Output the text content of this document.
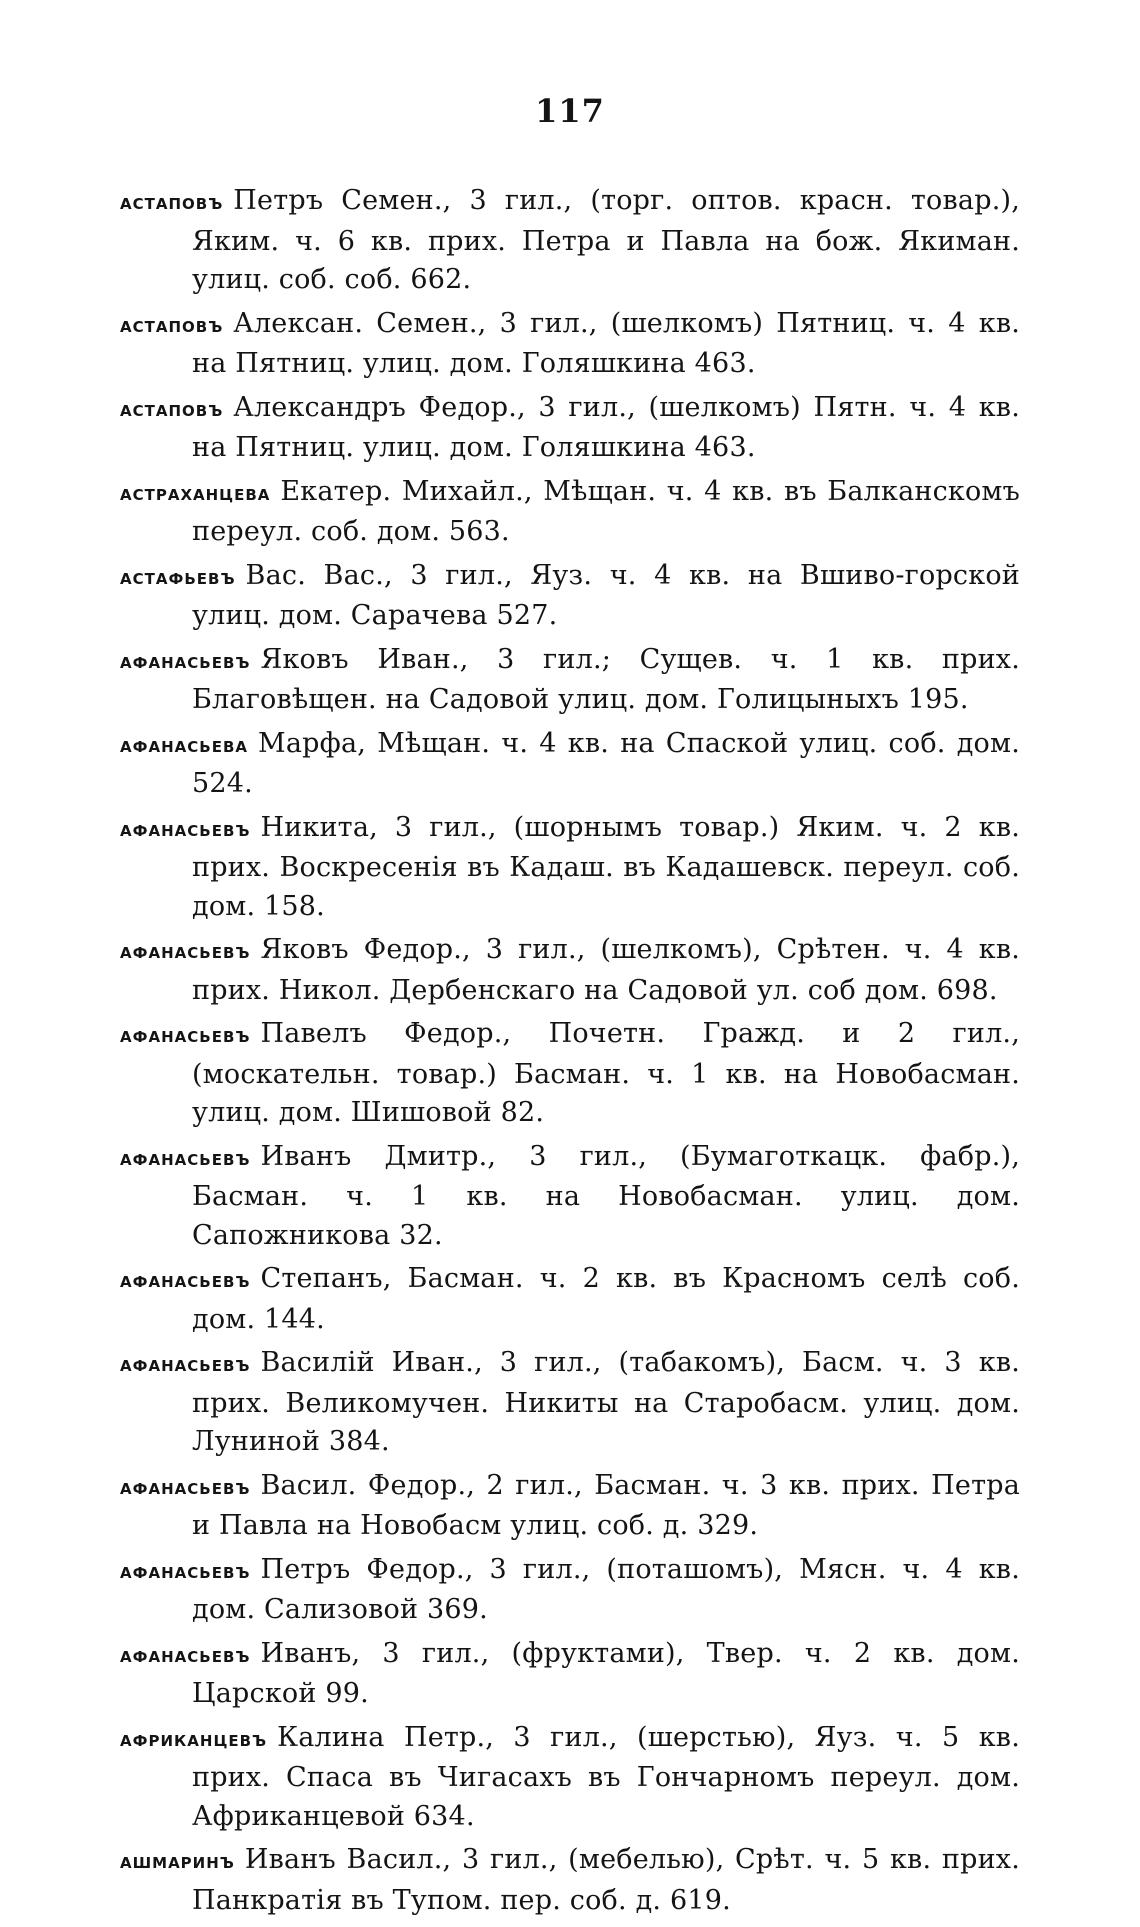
117
астаповъ Петръ Семен., 3 гил., (торг. оптов. красн. товар.), Яким. ч. 6 кв. прих. Петра и Павла на бож. Якиман. улиц. соб. соб. 662.
астаповъ Алексан. Семен., 3 гил., (шелкомъ) Пятниц. ч. 4 кв. на Пятниц. улиц. дом. Голяшкина 463.
астаповъ Александръ Федор., 3 гил., (шелкомъ) Пятн. ч. 4 кв. на Пятниц. улиц. дом. Голяшкина 463.
астраханцева Екатер. Михайл., Мѣщан. ч. 4 кв. въ Балканскомъ переул. соб. дом. 563.
астафьевъ Вас. Вас., 3 гил., Яуз. ч. 4 кв. на Вшиво-горской улиц. дом. Сарачева 527.
афанасьевъ Яковъ Иван., 3 гил.; Сущев. ч. 1 кв. прих. Благовѣщен. на Садовой улиц. дом. Голицыныхъ 195.
афанасьева Марфа, Мѣщан. ч. 4 кв. на Спаской улиц. соб. дом. 524.
афанасьевъ Никита, 3 гил., (шорнымъ товар.) Яким. ч. 2 кв. прих. Воскресенія въ Кадаш. въ Кадашевск. переул. соб. дом. 158.
афанасьевъ Яковъ Федор., 3 гил., (шелкомъ), Срѣтен. ч. 4 кв. прих. Никол. Дербенскаго на Садовой ул. соб дом. 698.
афанасьевъ Павелъ Федор., Почетн. Гражд. и 2 гил., (москательн. товар.) Басман. ч. 1 кв. на Новобасман. улиц. дом. Шишовой 82.
афанасьевъ Иванъ Дмитр., 3 гил., (Бумаготкацк. фабр.), Басман. ч. 1 кв. на Новобасман. улиц. дом. Сапожникова 32.
афанасьевъ Степанъ, Басман. ч. 2 кв. въ Красномъ селѣ соб. дом. 144.
афанасьевъ Василій Иван., 3 гил., (табакомъ), Басм. ч. 3 кв. прих. Великомучен. Никиты на Старобасм. улиц. дом. Луниной 384.
афанасьевъ Васил. Федор., 2 гил., Басман. ч. 3 кв. прих. Петра и Павла на Новобасм улиц. соб. д. 329.
афанасьевъ Петръ Федор., 3 гил., (поташомъ), Мясн. ч. 4 кв. дом. Сализовой 369.
афанасьевъ Иванъ, 3 гил., (фруктами), Твер. ч. 2 кв. дом. Царской 99.
африканцевъ Калина Петр., 3 гил., (шерстью), Яуз. ч. 5 кв. прих. Спаса въ Чигасахъ въ Гончарномъ переул. дом. Африканцевой 634.
ашмаринъ Иванъ Васил., 3 гил., (мебелью), Срѣт. ч. 5 кв. прих. Панкратія въ Тупом. пер. соб. д. 619.
